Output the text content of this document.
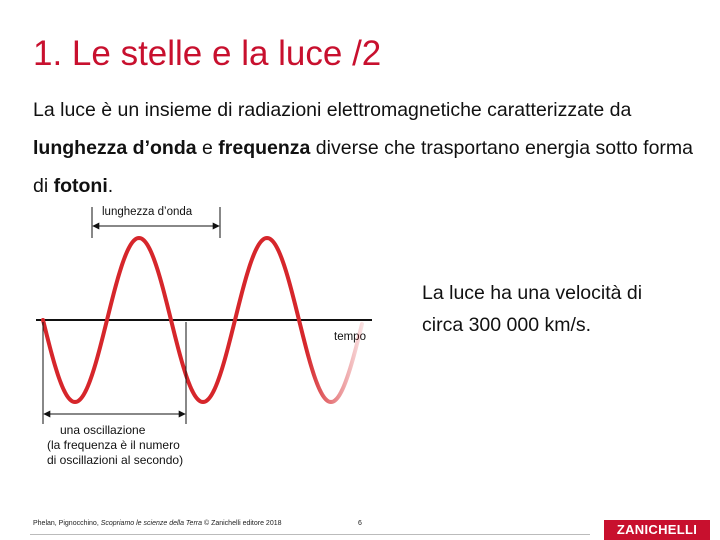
1. Le stelle e la luce /2
La luce è un insieme di radiazioni elettromagnetiche caratterizzate da lunghezza d’onda e frequenza diverse che trasportano energia sotto forma di fotoni.
tempo
lunghezza d’onda
una oscillazione
(la frequenza è il numero
di oscillazioni al secondo)
La luce ha una velocità di circa 300 000 km/s.
Phelan, Pignocchino, Scopriamo le scienze della Terra © Zanichelli editore 2018	6	ZANICHELLI
